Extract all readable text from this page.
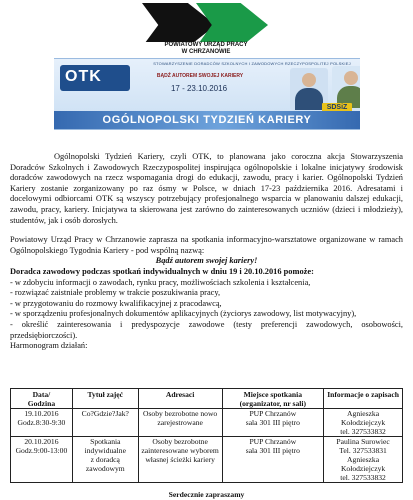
POWIATOWY URZĄD PRACY
W CHRZANOWIE
STOWARZYSZENIE DORADCÓW SZKOLNYCH I ZAWODOWYCH RZECZYPOSPOLITEJ POLSKIEJ
OTK	BĄDŹ AUTOREM SWOJEJ KARIERY
17 - 23.10.2016
SDSiZ
OGÓLNOPOLSKI TYDZIEŃ KARIERY

Ogólnopolski Tydzień Kariery, czyli OTK, to planowana jako coroczna akcja Stowarzyszenia Doradców Szkolnych i Zawodowych Rzeczypospolitej inspirująca ogólnopolskie i lokalne inicjatywy środowisk doradców zawodowych na rzecz wspomagania drogi do edukacji, zawodu, pracy i karier. Ogólnopolski Tydzień Kariery zostanie zorganizowany po raz ósmy w Polsce, w dniach 17-23 października 2016. Adresatami i docelowymi odbiorcami OTK są wszyscy potrzebujący profesjonalnego wsparcia w planowaniu dalszej edukacji, zawodu, pracy, kariery. Inicjatywa ta skierowana jest zarówno do zainteresowanych uczniów (dzieci i młodzieży), studentów, jak i osób dorosłych.

Powiatowy Urząd Pracy w Chrzanowie zaprasza na spotkania informacyjno-warsztatowe organizowane w ramach Ogólnopolskiego Tygodnia Kariery - pod wspólną nazwą:

Bądź autorem swojej kariery!

Doradca zawodowy podczas spotkań indywidualnych w dniu 19 i 20.10.2016 pomoże:

- w zdobyciu informacji o zawodach, rynku pracy, możliwościach szkolenia i kształcenia,

- rozwiązać zaistniałe problemy w trakcie poszukiwania pracy,

- w przygotowaniu do rozmowy kwalifikacyjnej z pracodawcą,

- w sporządzeniu profesjonalnych dokumentów aplikacyjnych (życiorys zawodowy, list motywacyjny),

- określić zainteresowania i predyspozycje zawodowe (testy preferencji zawodowych, osobowości, przedsiębiorczości).

Harmonogram działań:

Data/
Godzina	Tytuł zajęć	Adresaci	Miejsce spotkania (organizator, nr sali)	Informacje o zapisach
19.10.2016
Godz.8:30-9:30	Co?Gdzie?Jak?	Osoby bezrobotne nowo zarejestrowane	PUP Chrzanów
sala 301 III piętro	Agnieszka Kołodziejczyk
tel. 327533832
20.10.2016
Godz.9:00-13:00	Spotkania indywidualne
z doradcą zawodowym	Osoby bezrobotne zainteresowane wyborem własnej ścieżki kariery	PUP Chrzanów
sala 301 III piętro	Paulina Surowiec
Tel. 327533831
Agnieszka Kołodziejczyk
tel. 327533832
Serdecznie zapraszamy
